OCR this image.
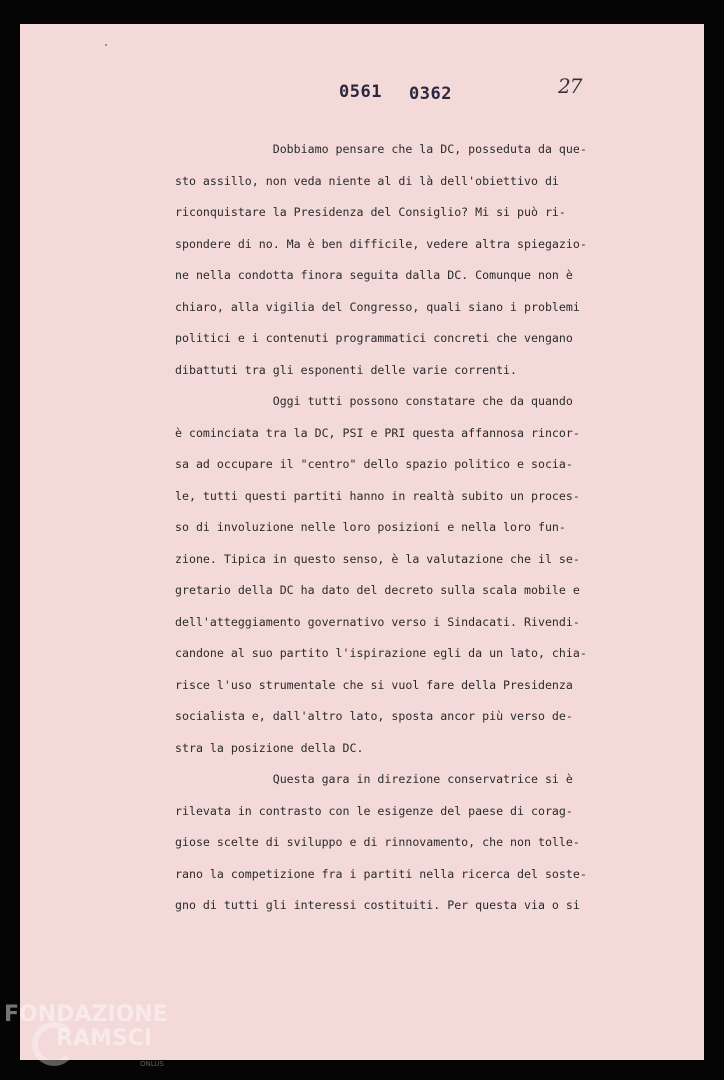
27
0561 0362
Dobbiamo pensare che la DC, posseduta da que-
sto assillo, non veda niente al di là dell'obiettivo di
riconquistare la Presidenza del Consiglio? Mi si può ri-
spondere di no. Ma è ben difficile, vedere altra spiegazio-
ne nella condotta finora seguita dalla DC. Comunque non è
chiaro, alla vigilia del Congresso, quali siano i problemi
politici e i contenuti programmatici concreti che vengano
dibattuti tra gli esponenti delle varie correnti.
Oggi tutti possono constatare che da quando
è cominciata tra la DC, PSI e PRI questa affannosa rincor-
sa ad occupare il "centro" dello spazio politico e socia-
le, tutti questi partiti hanno in realtà subito un proces-
so di involuzione nelle loro posizioni e nella loro fun-
zione. Tipica in questo senso, è la valutazione che il se-
gretario della DC ha dato del decreto sulla scala mobile e
dell'atteggiamento governativo verso i Sindacati. Rivendi-
candone al suo partito l'ispirazione egli da un lato, chia-
risce l'uso strumentale che si vuol fare della Presidenza
socialista e, dall'altro lato, sposta ancor più verso de-
stra la posizione della DC.
Questa gara in direzione conservatrice si è
rilevata in contrasto con le esigenze del paese di corag-
giose scelte di sviluppo e di rinnovamento, che non tolle-
rano la competizione fra i partiti nella ricerca del soste-
gno di tutti gli interessi costituiti. Per questa via o si
FONDAZIONE
RAMSCI
ONLUS
